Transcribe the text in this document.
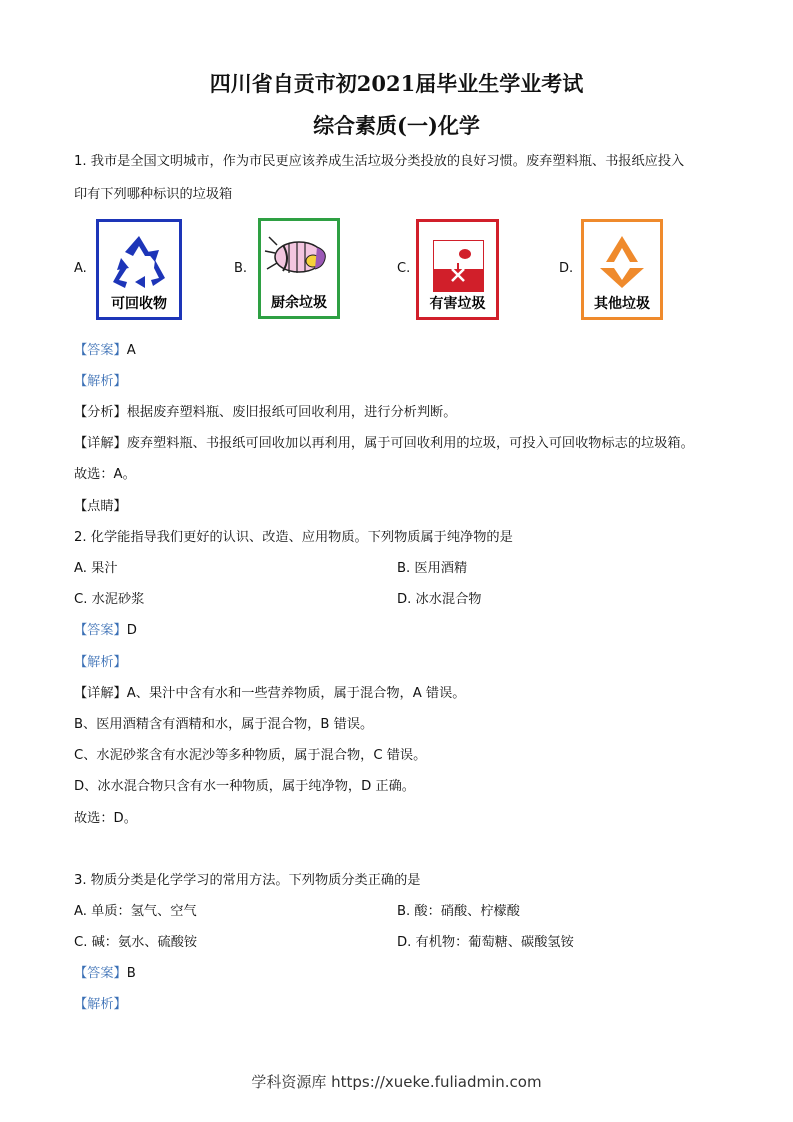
四川省自贡市初2021届毕业生学业考试
综合素质(一)化学
1. 我市是全国文明城市，作为市民更应该养成生活垃圾分类投放的良好习惯。废弃塑料瓶、书报纸应投入
印有下列哪种标识的垃圾箱
A.
可回收物
B.
厨余垃圾
C.
有害垃圾
D.
其他垃圾
【答案】A
【解析】
【分析】根据废弃塑料瓶、废旧报纸可回收利用，进行分析判断。
【详解】废弃塑料瓶、书报纸可回收加以再利用，属于可回收利用的垃圾，可投入可回收物标志的垃圾箱。
故选：A。
【点睛】
2. 化学能指导我们更好的认识、改造、应用物质。下列物质属于纯净物的是
A. 果汁	B. 医用酒精
C. 水泥砂浆	D. 冰水混合物
【答案】D
【解析】
【详解】A、果汁中含有水和一些营养物质，属于混合物，A 错误。
B、医用酒精含有酒精和水，属于混合物，B 错误。
C、水泥砂浆含有水泥沙等多种物质，属于混合物，C 错误。
D、冰水混合物只含有水一种物质，属于纯净物，D 正确。
故选：D。
3. 物质分类是化学学习的常用方法。下列物质分类正确的是
A. 单质：氢气、空气	B. 酸：硝酸、柠檬酸
C. 碱：氨水、硫酸铵	D. 有机物：葡萄糖、碳酸氢铵
【答案】B
【解析】
学科资源库 https://xueke.fuliadmin.com
